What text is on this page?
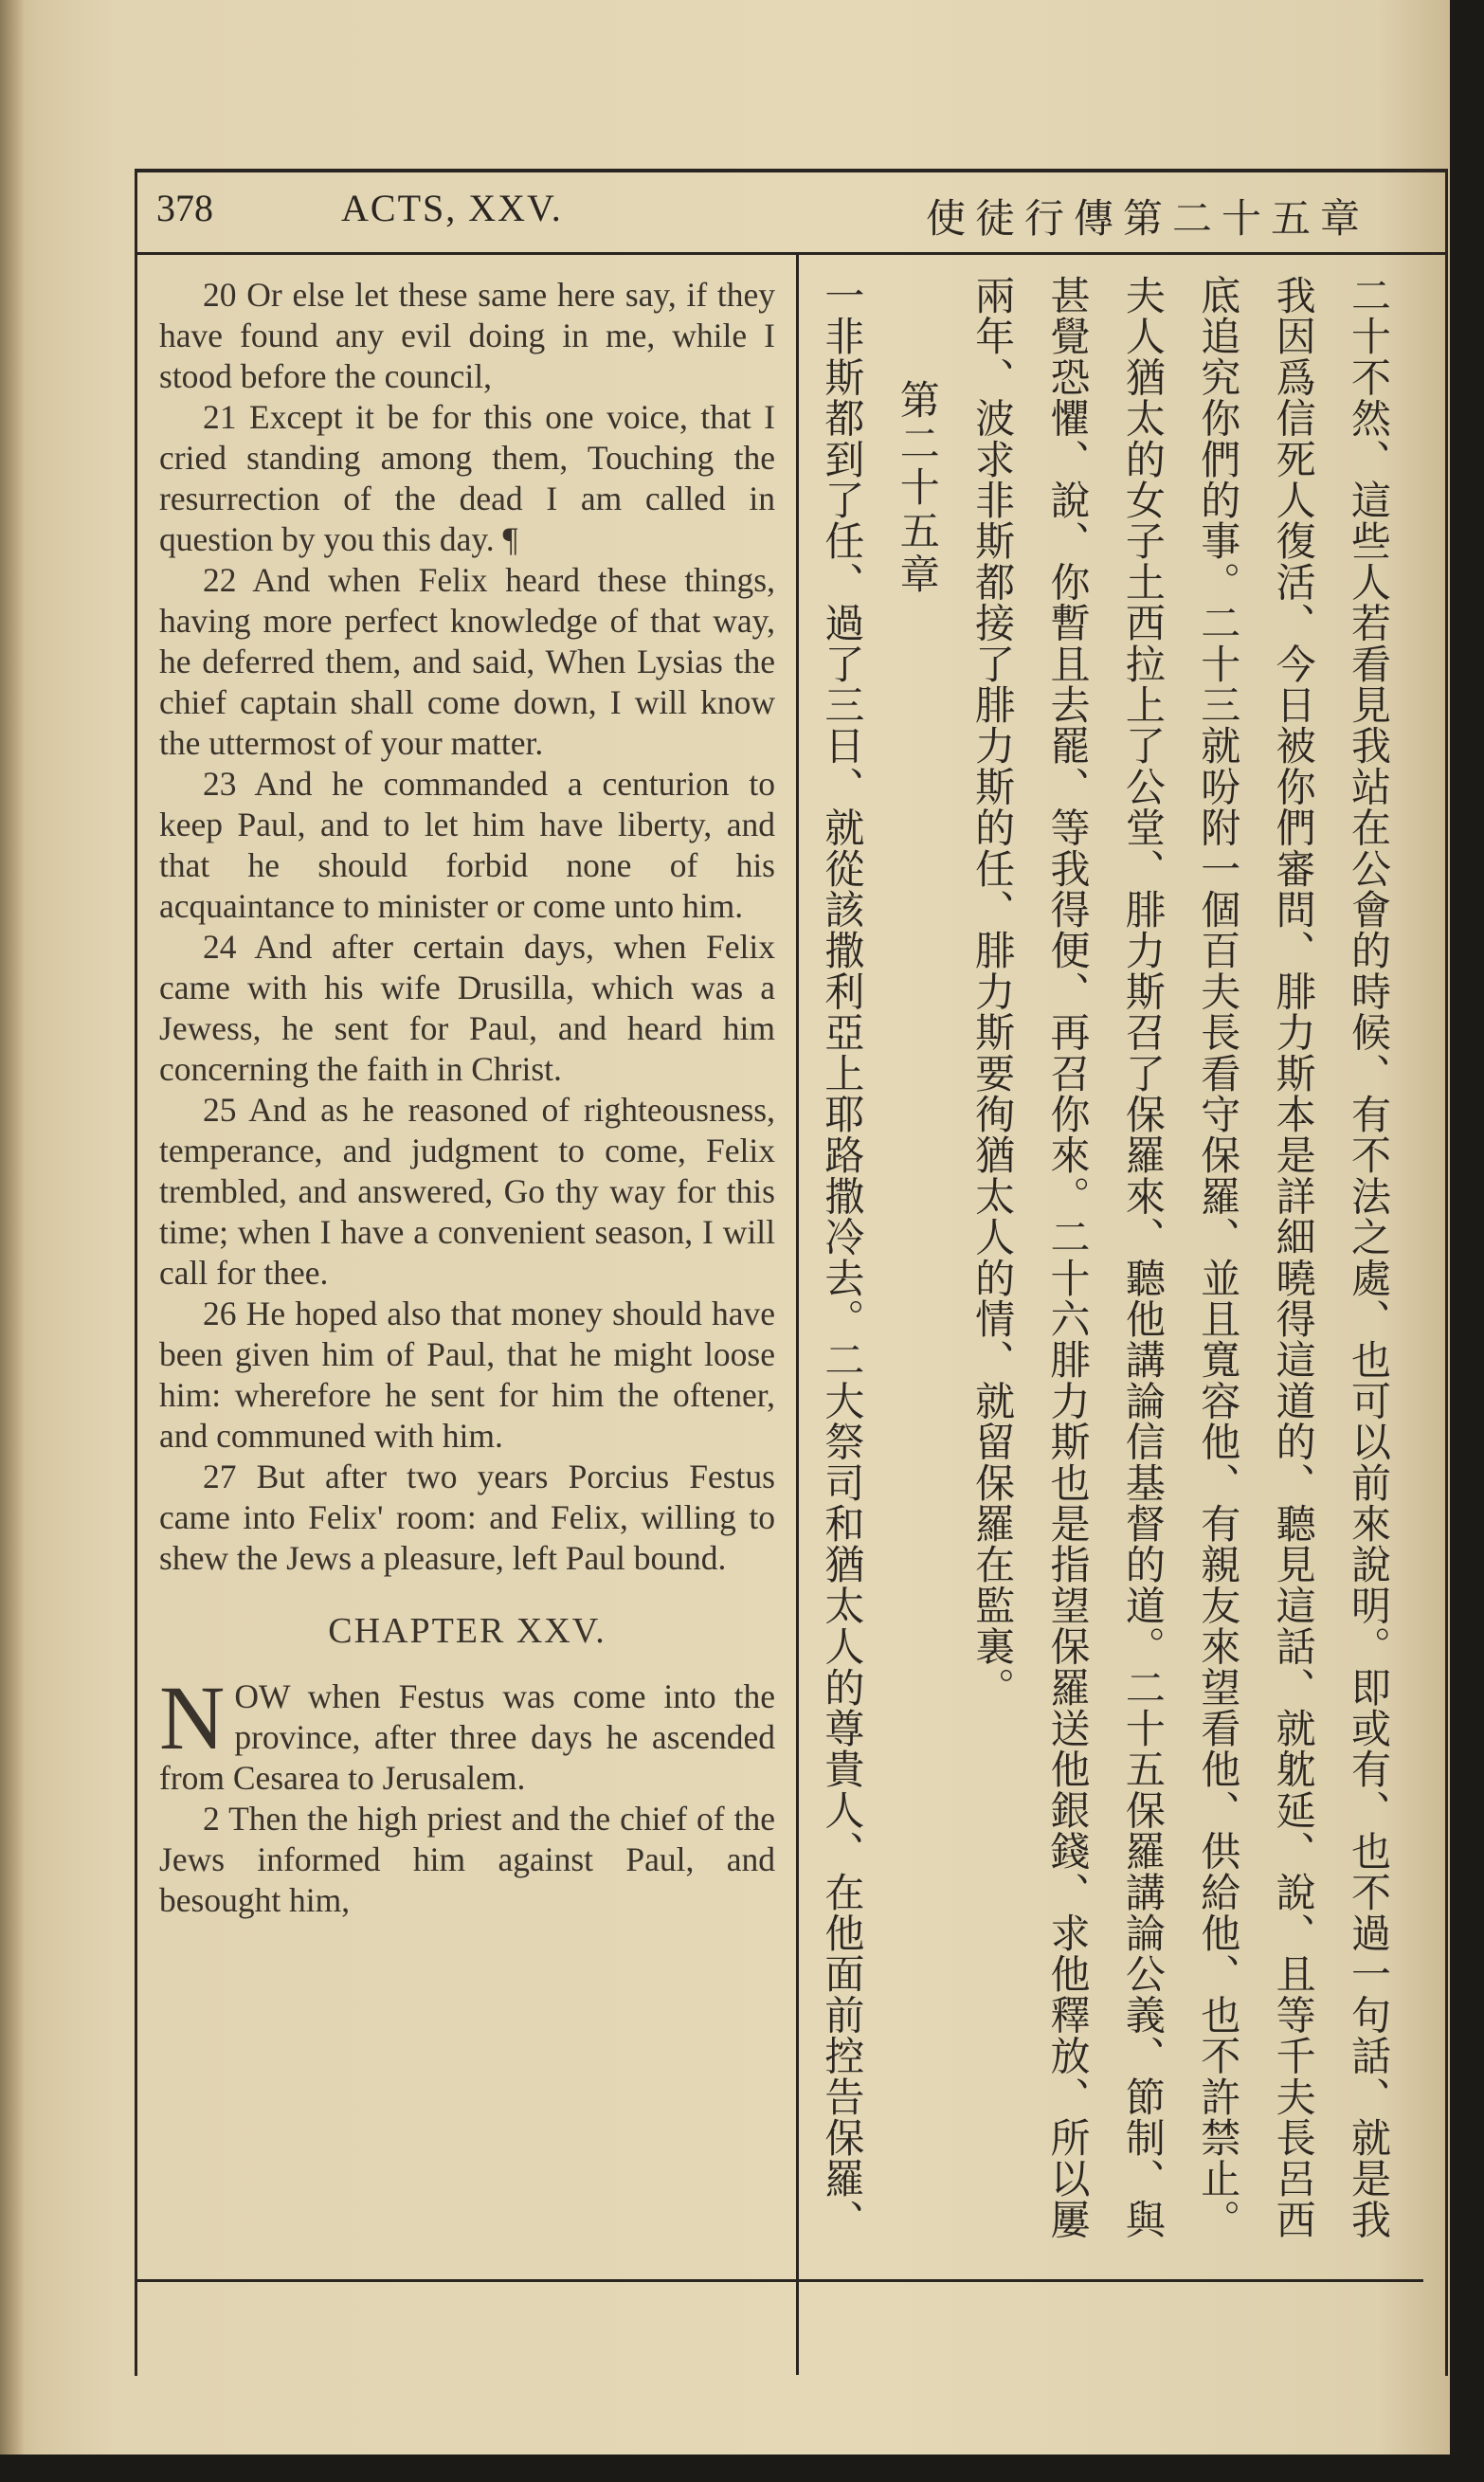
378	ACTS, XXV.	使徒行傳第二十五章

20 Or else let these same here say, if they have found any evil doing in me, while I stood before the council,

21 Except it be for this one voice, that I cried standing among them, Touching the resurrection of the dead I am called in question by you this day. ¶

22 And when Felix heard these things, having more perfect knowledge of that way, he deferred them, and said, When Lysias the chief captain shall come down, I will know the uttermost of your matter.

23 And he commanded a centurion to keep Paul, and to let him have liberty, and that he should forbid none of his acquaintance to minister or come unto him.

24 And after certain days, when Felix came with his wife Drusilla, which was a Jewess, he sent for Paul, and heard him concerning the faith in Christ.

25 And as he reasoned of righteousness, temperance, and judgment to come, Felix trembled, and answered, Go thy way for this time; when I have a convenient season, I will call for thee.

26 He hoped also that money should have been given him of Paul, that he might loose him: wherefore he sent for him the oftener, and communed with him.

27 But after two years Porcius Festus came into Felix' room: and Felix, willing to shew the Jews a pleasure, left Paul bound.

CHAPTER XXV.

NOW when Festus was come into the province, after three days he ascended from Cesarea to Jerusalem.

2 Then the high priest and the chief of the Jews informed him against Paul, and besought him,

二十不然、這些人若看見我站在公會的時候、有不法之處、也可以前來說明。即或有、也不過一句話、就是我
我因爲信死人復活、今日被你們審問、腓力斯本是詳細曉得這道的、聽見這話、就躭延、說、且等千夫長呂西
底追究你們的事。二十三就吩附一個百夫長看守保羅、並且寬容他、有親友來望看他、供給他、也不許禁止。
夫人猶太的女子土西拉上了公堂、腓力斯召了保羅來、聽他講論信基督的道。二十五保羅講論公義、節制、與
甚覺恐懼、說、你暫且去罷、等我得便、再召你來。二十六腓力斯也是指望保羅送他銀錢、求他釋放、所以屢
兩年、波求非斯都接了腓力斯的任、腓力斯要徇猶太人的情、就留保羅在監裏。
第二十五章
一非斯都到了任、過了三日、就從該撒利亞上耶路撒冷去。二大祭司和猶太人的尊貴人、在他面前控告保羅、
